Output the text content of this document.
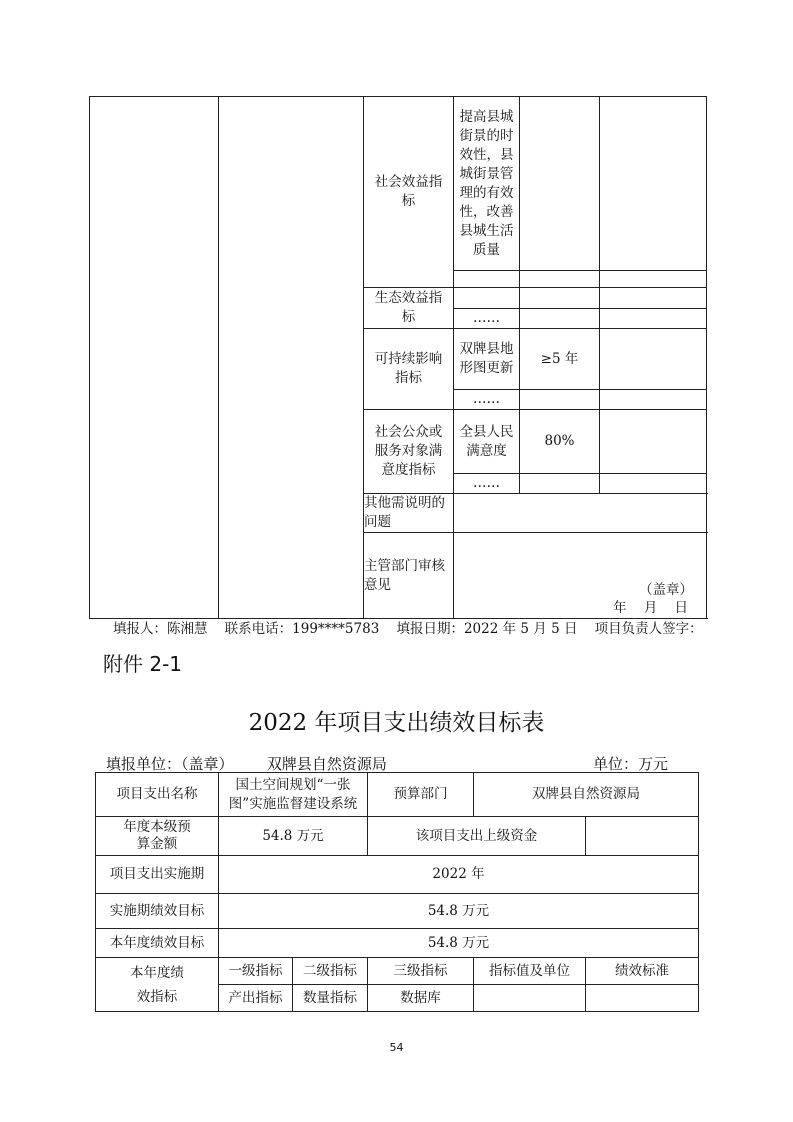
		社会效益指标	提高县城街景的时效性，县城街景管理的有效性，改善县城生活质量		

		生态效益指标			
			……		
		可持续影响指标	双牌县地形图更新	≥5 年	
			……		
		社会公众或服务对象满意度指标	全县人民满意度	80%	
			……		
		其他需说明的问题			
		主管部门审核意见	（盖章）
年    月    日		
填报人：陈湘慧    联系电话：199****5783    填报日期：2022 年 5 月 5 日    项目负责人签字：
附件 2-1
2022 年项目支出绩效目标表
填报单位：（盖章）       双牌县自然资源局	单位：万元
项目支出名称	国土空间规划“一张图”实施监督建设系统		预算部门	双牌县自然资源局	
年度本级预算金额	54.8 万元		该项目支出上级资金		
项目支出实施期	2022 年				
实施期绩效目标	54.8 万元				
本年度绩效目标	54.8 万元				
本年度绩效指标	一级指标	二级指标	三级指标	指标值及单位	绩效标准
	产出指标	数量指标	数据库		
54
